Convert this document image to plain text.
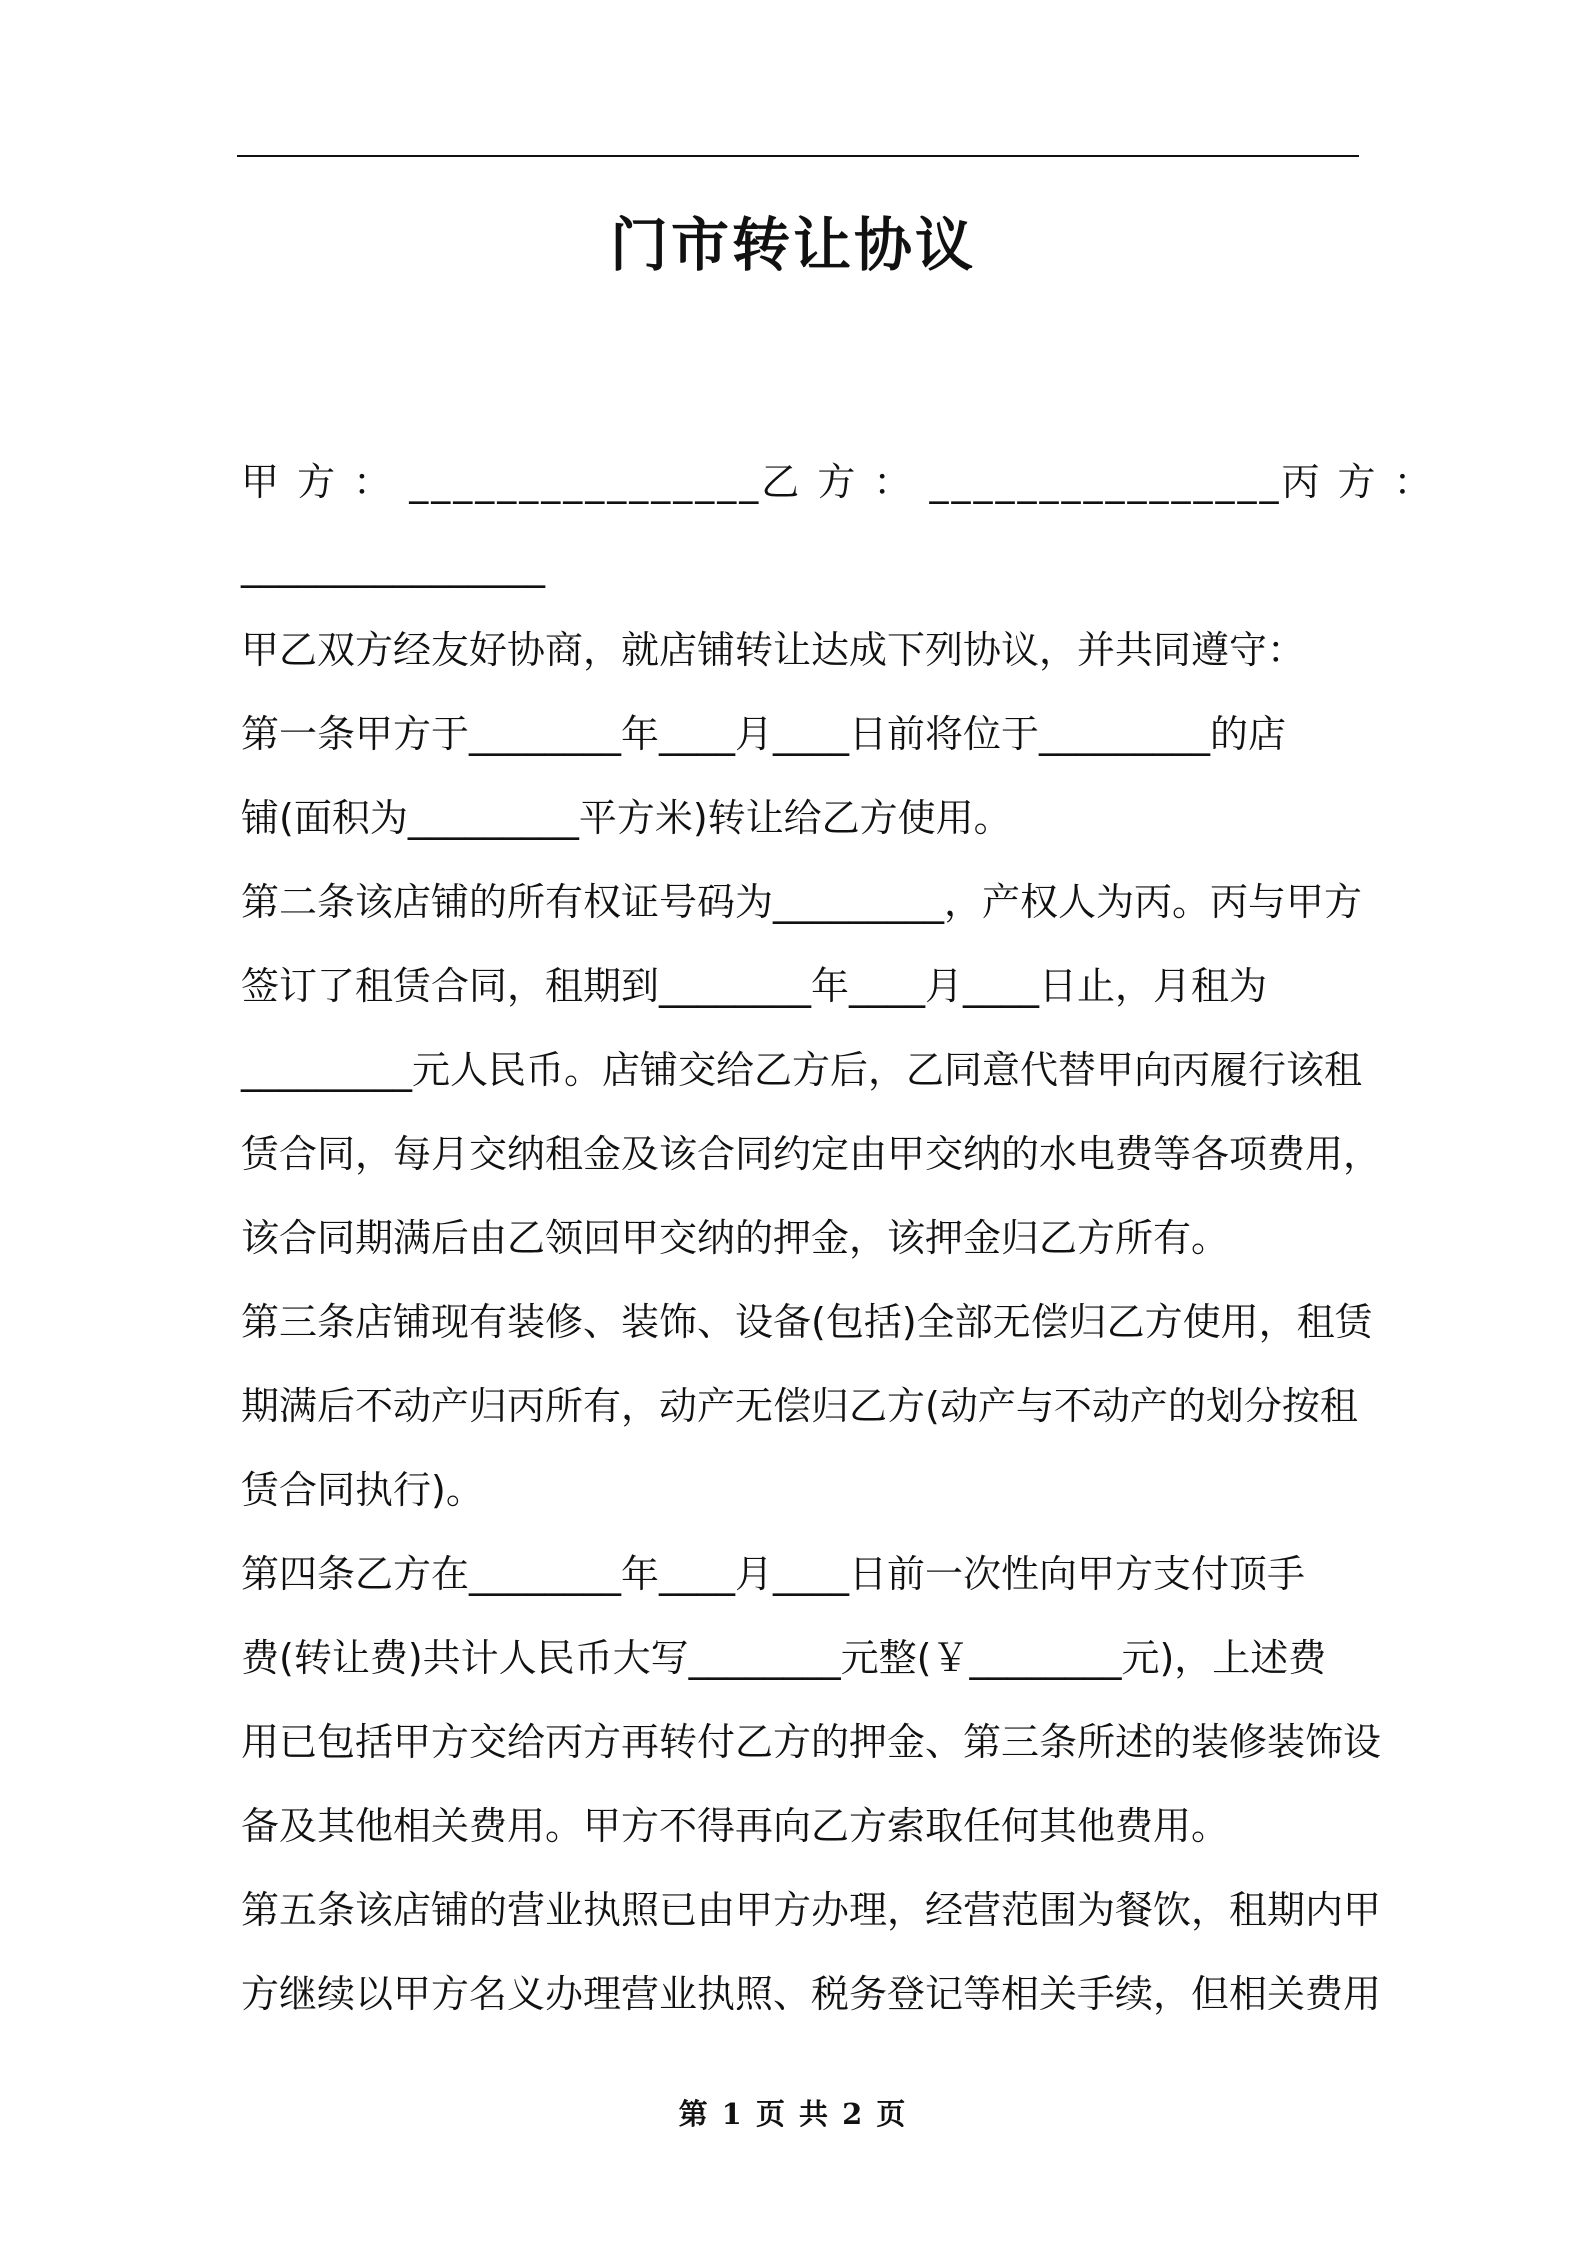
门市转让协议
甲 方 ： ________________乙 方 ： ________________丙 方 ：
________________
甲乙双方经友好协商，就店铺转让达成下列协议，并共同遵守：
第一条甲方于________年____月____日前将位于_________的店
铺(面积为_________平方米)转让给乙方使用。
第二条该店铺的所有权证号码为_________，产权人为丙。丙与甲方
签订了租赁合同，租期到________年____月____日止，月租为
_________元人民币。店铺交给乙方后，乙同意代替甲向丙履行该租
赁合同，每月交纳租金及该合同约定由甲交纳的水电费等各项费用，
该合同期满后由乙领回甲交纳的押金，该押金归乙方所有。
第三条店铺现有装修、装饰、设备(包括)全部无偿归乙方使用，租赁
期满后不动产归丙所有，动产无偿归乙方(动产与不动产的划分按租
赁合同执行)。
第四条乙方在________年____月____日前一次性向甲方支付顶手
费(转让费)共计人民币大写________元整(￥________元)，上述费
用已包括甲方交给丙方再转付乙方的押金、第三条所述的装修装饰设
备及其他相关费用。甲方不得再向乙方索取任何其他费用。
第五条该店铺的营业执照已由甲方办理，经营范围为餐饮，租期内甲
方继续以甲方名义办理营业执照、税务登记等相关手续，但相关费用
第 1 页 共 2 页
